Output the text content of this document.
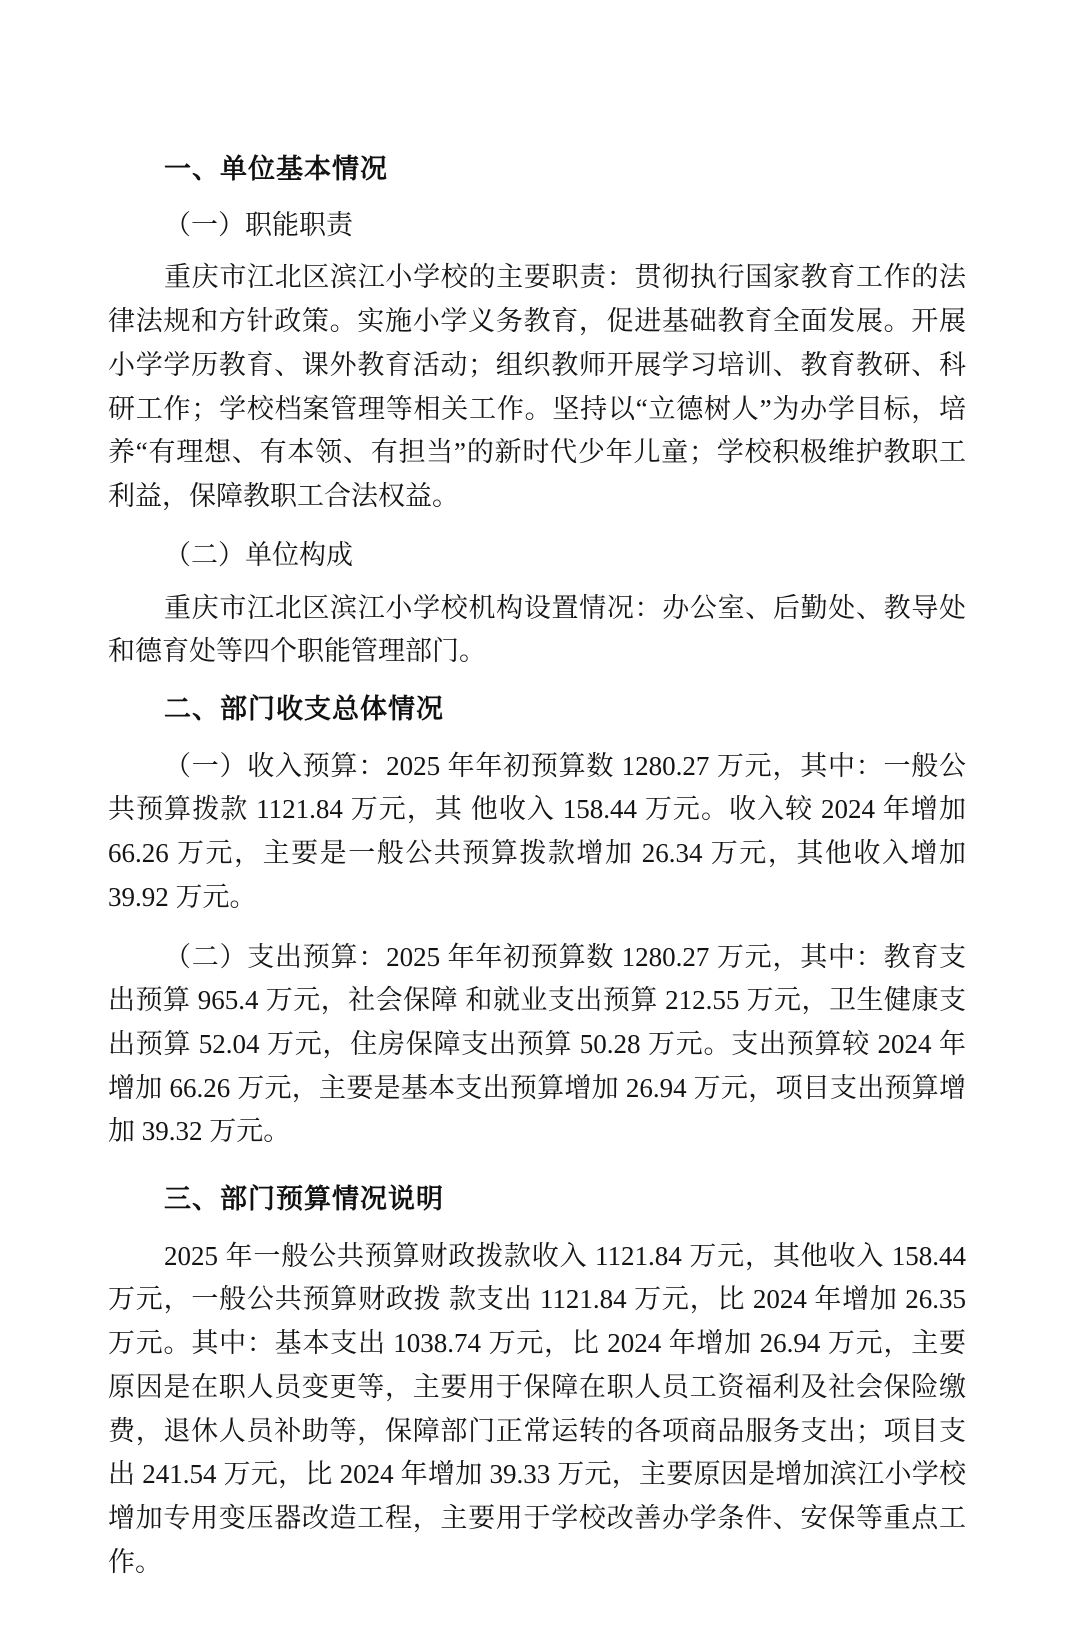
一、单位基本情况
（一）职能职责

重庆市江北区滨江小学校的主要职责：贯彻执行国家教育工作的法律法规和方针政策。实施小学义务教育，促进基础教育全面发展。开展小学学历教育、课外教育活动；组织教师开展学习培训、教育教研、科研工作；学校档案管理等相关工作。坚持以“立德树人”为办学目标，培养“有理想、有本领、有担当”的新时代少年儿童；学校积极维护教职工利益，保障教职工合法权益。

（二）单位构成

重庆市江北区滨江小学校机构设置情况：办公室、后勤处、教导处和德育处等四个职能管理部门。

二、部门收支总体情况

（一）收入预算：2025 年年初预算数 1280.27 万元，其中：一般公共预算拨款 1121.84 万元，其 他收入 158.44 万元。收入较 2024 年增加 66.26 万元，主要是一般公共预算拨款增加 26.34 万元，其他收入增加 39.92 万元。

（二）支出预算：2025 年年初预算数 1280.27 万元，其中：教育支出预算 965.4 万元，社会保障 和就业支出预算 212.55 万元，卫生健康支出预算 52.04 万元，住房保障支出预算 50.28 万元。支出预算较 2024 年增加 66.26 万元，主要是基本支出预算增加 26.94 万元，项目支出预算增加 39.32 万元。

三、部门预算情况说明

2025 年一般公共预算财政拨款收入 1121.84 万元，其他收入 158.44 万元，一般公共预算财政拨 款支出 1121.84 万元，比 2024 年增加 26.35 万元。其中：基本支出 1038.74 万元，比 2024 年增加 26.94 万元，主要原因是在职人员变更等，主要用于保障在职人员工资福利及社会保险缴费，退休人员补助等，保障部门正常运转的各项商品服务支出；项目支出 241.54 万元，比 2024 年增加 39.33 万元，主要原因是增加滨江小学校增加专用变压器改造工程，主要用于学校改善办学条件、安保等重点工作。
